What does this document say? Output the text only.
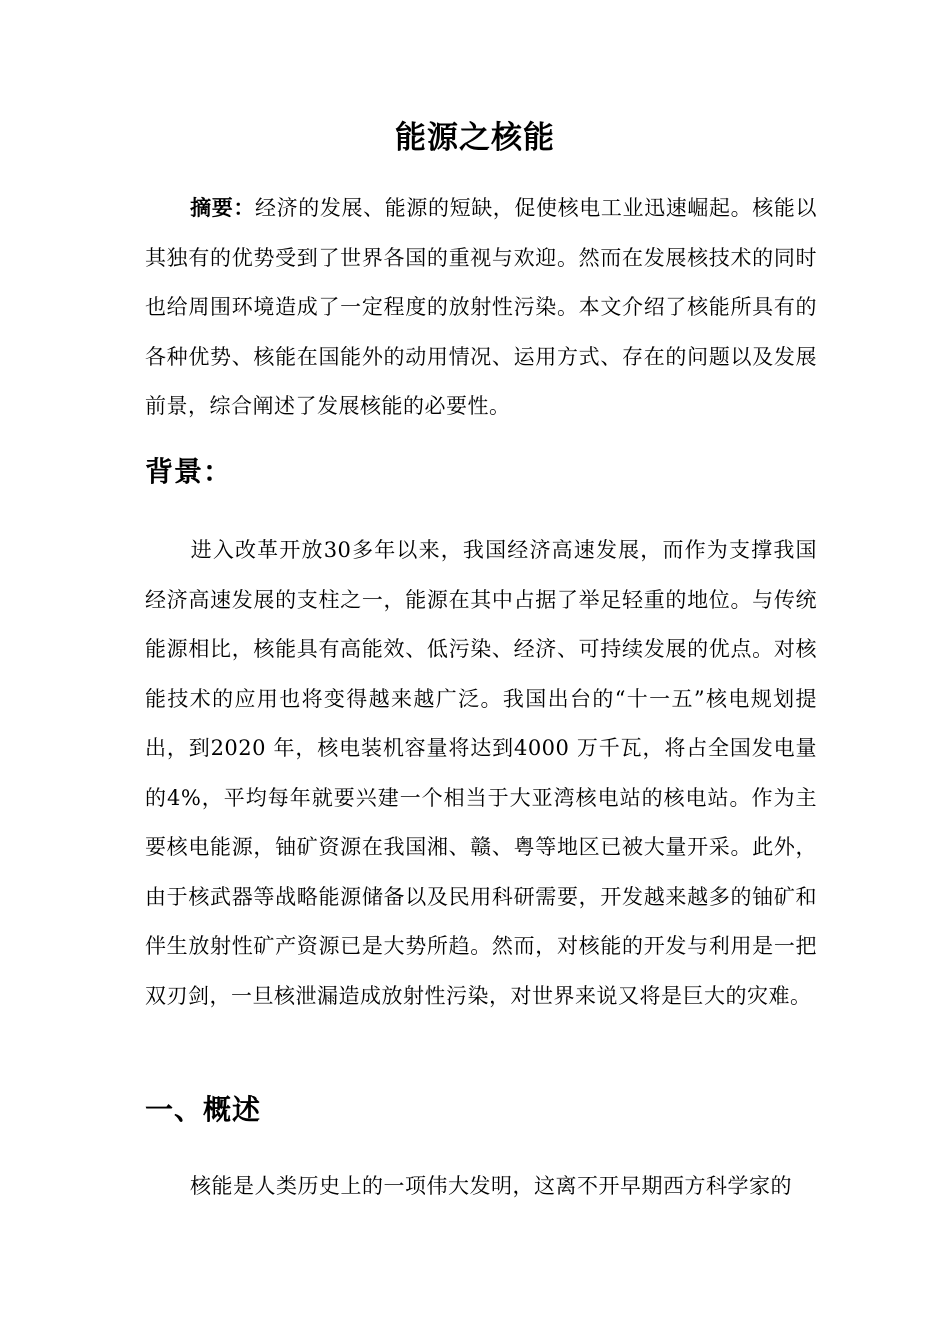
能源之核能

摘要：经济的发展、能源的短缺，促使核电工业迅速崛起。核能以其独有的优势受到了世界各国的重视与欢迎。然而在发展核技术的同时也给周围环境造成了一定程度的放射性污染。本文介绍了核能所具有的各种优势、核能在国能外的动用情况、运用方式、存在的问题以及发展前景，综合阐述了发展核能的必要性。

背景：

进入改革开放30多年以来，我国经济高速发展，而作为支撑我国经济高速发展的支柱之一，能源在其中占据了举足轻重的地位。与传统能源相比，核能具有高能效、低污染、经济、可持续发展的优点。对核能技术的应用也将变得越来越广泛。我国出台的“十一五”核电规划提出，到2020 年，核电装机容量将达到4000 万千瓦，将占全国发电量的4%，平均每年就要兴建一个相当于大亚湾核电站的核电站。作为主要核电能源，铀矿资源在我国湘、赣、粤等地区已被大量开采。此外，由于核武器等战略能源储备以及民用科研需要，开发越来越多的铀矿和伴生放射性矿产资源已是大势所趋。然而，对核能的开发与利用是一把双刃剑，一旦核泄漏造成放射性污染，对世界来说又将是巨大的灾难。

一、概述

核能是人类历史上的一项伟大发明，这离不开早期西方科学家的
